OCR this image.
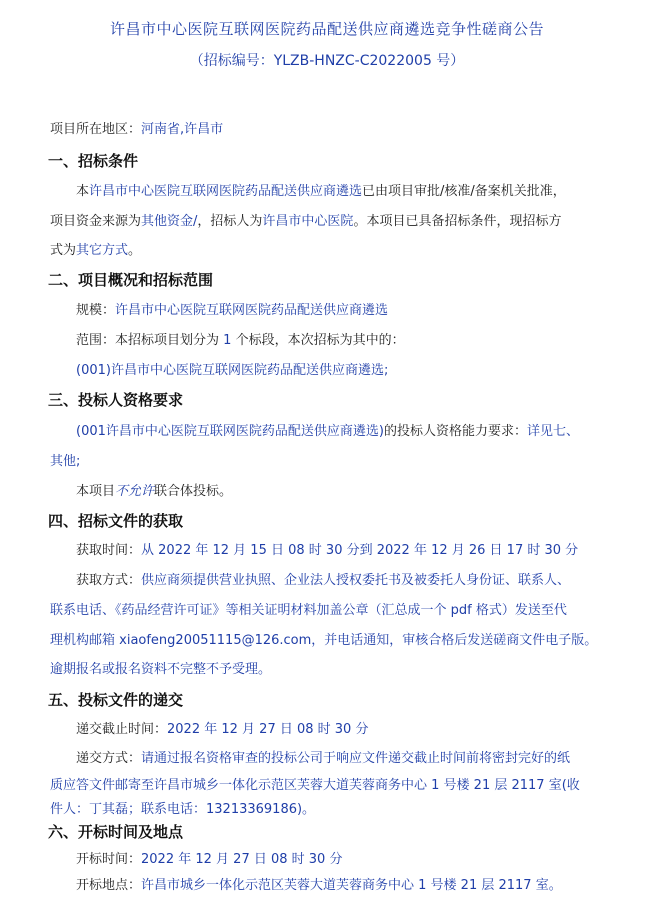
许昌市中心医院互联网医院药品配送供应商遴选竞争性磋商公告
（招标编号：YLZB-HNZC-C2022005 号）
项目所在地区：河南省,许昌市
一、招标条件
本许昌市中心医院互联网医院药品配送供应商遴选已由项目审批/核准/备案机关批准，
项目资金来源为其他资金/，招标人为许昌市中心医院。本项目已具备招标条件，现招标方
式为其它方式。
二、项目概况和招标范围
规模：许昌市中心医院互联网医院药品配送供应商遴选
范围：本招标项目划分为 1 个标段，本次招标为其中的：
(001)许昌市中心医院互联网医院药品配送供应商遴选;
三、投标人资格要求
(001许昌市中心医院互联网医院药品配送供应商遴选)的投标人资格能力要求：详见七、
其他;
本项目不允许联合体投标。
四、招标文件的获取
获取时间：从 2022 年 12 月 15 日 08 时 30 分到 2022 年 12 月 26 日 17 时 30 分
获取方式：供应商须提供营业执照、企业法人授权委托书及被委托人身份证、联系人、
联系电话、《药品经营许可证》等相关证明材料加盖公章（汇总成一个 pdf 格式）发送至代
理机构邮箱 xiaofeng20051115@126.com，并电话通知，审核合格后发送磋商文件电子版。
逾期报名或报名资料不完整不予受理。
五、投标文件的递交
递交截止时间：2022 年 12 月 27 日 08 时 30 分
递交方式：请通过报名资格审查的投标公司于响应文件递交截止时间前将密封完好的纸
质应答文件邮寄至许昌市城乡一体化示范区芙蓉大道芙蓉商务中心 1 号楼 21 层 2117 室(收
件人：丁其磊；联系电话：13213369186)。
六、开标时间及地点
开标时间：2022 年 12 月 27 日 08 时 30 分
开标地点：许昌市城乡一体化示范区芙蓉大道芙蓉商务中心 1 号楼 21 层 2117 室。
